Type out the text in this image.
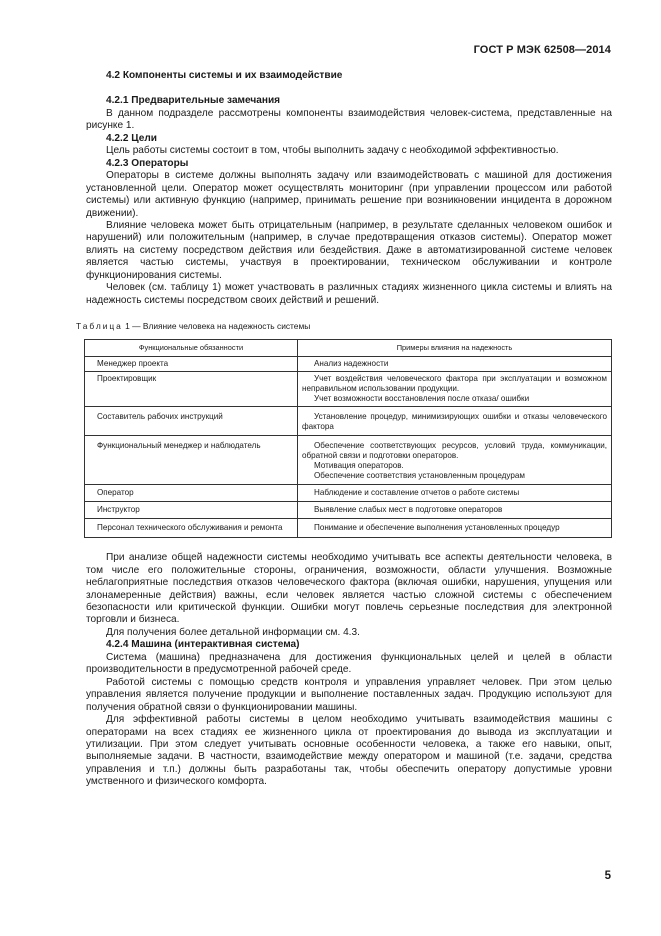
ГОСТ Р МЭК 62508—2014
4.2 Компоненты системы и их взаимодействие
4.2.1 Предварительные замечания

В данном подразделе рассмотрены компоненты взаимодействия человек-система, представленные на рисунке 1.

4.2.2 Цели

Цель работы системы состоит в том, чтобы выполнить задачу с необходимой эффективностью.

4.2.3 Операторы

Операторы в системе должны выполнять задачу или взаимодействовать с машиной для достижения установленной цели. Оператор может осуществлять мониторинг (при управлении процессом или работой системы) или активную функцию (например, принимать решение при возникновении инцидента в дорожном движении).

Влияние человека может быть отрицательным (например, в результате сделанных человеком ошибок и нарушений) или положительным (например, в случае предотвращения отказов системы). Оператор может влиять на систему посредством действия или бездействия. Даже в автоматизированной системе человек является частью системы, участвуя в проектировании, техническом обслуживании и контроле функционирования системы.

Человек (см. таблицу 1) может участвовать в различных стадиях жизненного цикла системы и влиять на надежность системы посредством своих действий и решений.

Таблица 1 — Влияние человека на надежность системы
Функциональные обязанности	Примеры влияния на надежность
Менеджер проекта	Анализ надежности

Проектировщик	Учет воздействия человеческого фактора при эксплуатации и возможном неправильном использовании продукции.
Учет возможности восстановления после отказа/ ошибки

Составитель рабочих инструкций	Установление процедур, минимизирующих ошибки и отказы человеческого фактора

Функциональный менеджер и наблюдатель	Обеспечение соответствующих ресурсов, условий труда, коммуникации, обратной связи и подготовки операторов.
Мотивация операторов.
Обеспечение соответствия установленным процедурам

Оператор	Наблюдение и составление отчетов о работе системы

Инструктор	Выявление слабых мест в подготовке операторов

Персонал технического обслуживания и ремонта	Понимание и обеспечение выполнения установленных процедур

При анализе общей надежности системы необходимо учитывать все аспекты деятельности человека, в том числе его положительные стороны, ограничения, возможности, области улучшения. Возможные неблагоприятные последствия отказов человеческого фактора (включая ошибки, нарушения, упущения или злонамеренные действия) важны, если человек является частью сложной системы с обеспечением безопасности или критической функции. Ошибки могут повлечь серьезные последствия для электронной торговли и бизнеса.

Для получения более детальной информации см. 4.3.

4.2.4 Машина (интерактивная система)

Система (машина) предназначена для достижения функциональных целей и целей в области производительности в предусмотренной рабочей среде.

Работой системы с помощью средств контроля и управления управляет человек. При этом целью управления является получение продукции и выполнение поставленных задач. Продукцию используют для получения обратной связи о функционировании машины.

Для эффективной работы системы в целом необходимо учитывать взаимодействия машины с операторами на всех стадиях ее жизненного цикла от проектирования до вывода из эксплуатации и утилизации. При этом следует учитывать основные особенности человека, а также его навыки, опыт, выполняемые задачи. В частности, взаимодействие между оператором и машиной (т.е. задачи, средства управления и т.п.) должны быть разработаны так, чтобы обеспечить оператору допустимые уровни умственного и физического комфорта.

5
